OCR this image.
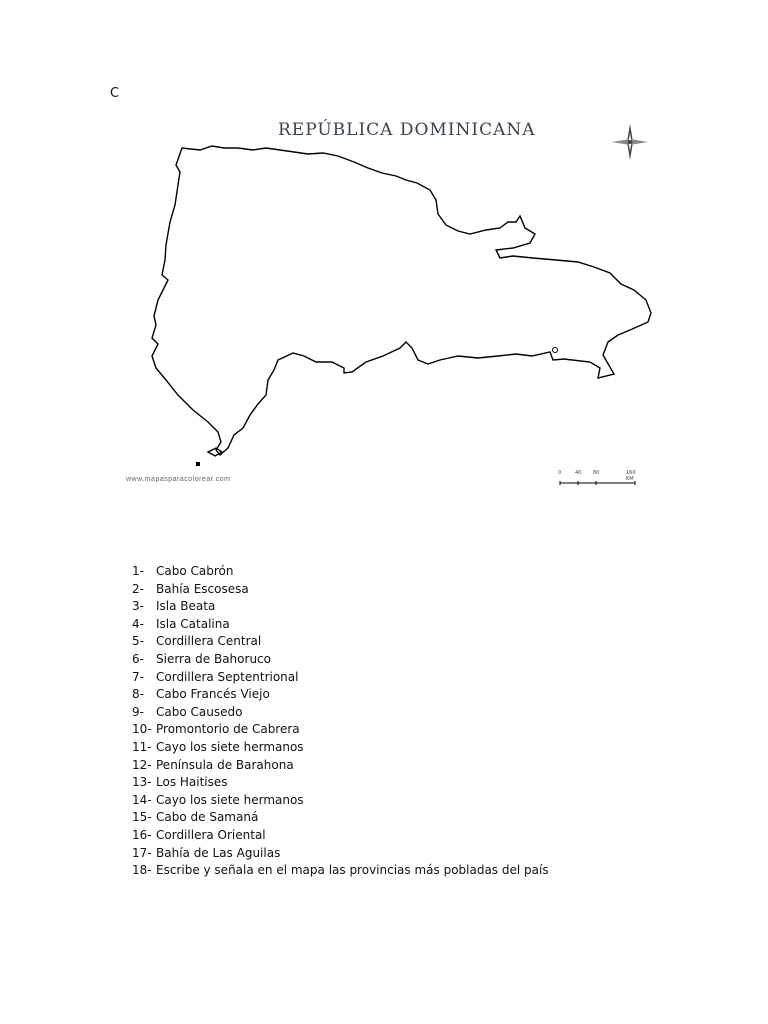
C
REPÚBLICA DOMINICANA
www.mapasparacolorear.com
0	40 80	160 KM
1- Cabo Cabrón
2- Bahía Escosesa
3- Isla Beata
4- Isla Catalina
5- Cordillera Central
6- Sierra de Bahoruco
7- Cordillera Septentrional
8- Cabo Francés Viejo
9- Cabo Causedo
10- Promontorio de Cabrera
11- Cayo los siete hermanos
12- Península de Barahona
13- Los Haitises
14- Cayo los siete hermanos
15- Cabo de Samaná
16- Cordillera Oriental
17- Bahía de Las Aguilas
18- Escribe y señala en el mapa las provincias más pobladas del país
